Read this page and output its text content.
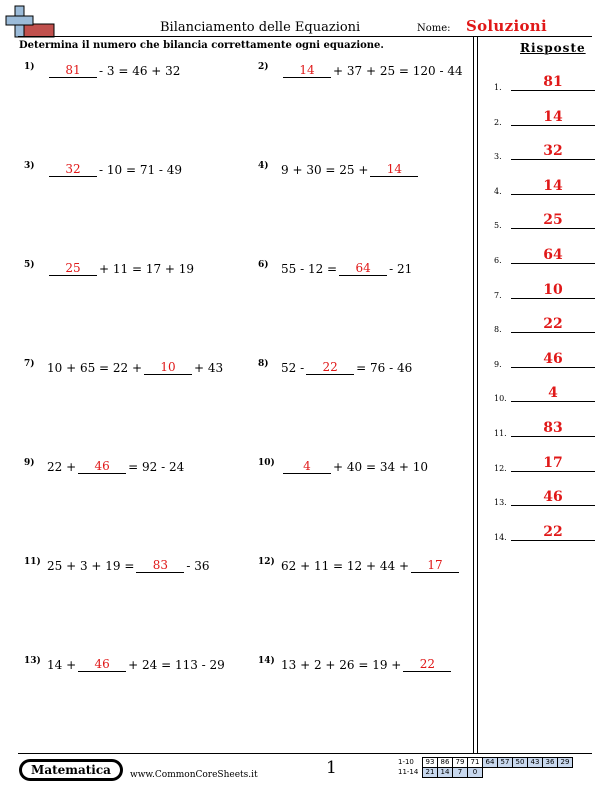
Bilanciamento delle Equazioni	Nome: Soluzioni
Determina il numero che bilancia correttamente ogni equazione.	Risposte
1.	81
2.	14
3.	32
4.	14
5.	25
6.	64
7.	10
8.	22
9.	46
10.	4
11.	83
12.	17
13.	46
14.	22
1)	81	- 3 = 46 + 32	2)	14	+ 37 + 25 = 120 - 44
3)	32	- 10 = 71 - 49	4) 9 + 30 = 25 +	14
5)	25	+ 11 = 17 + 19	6) 55 - 12 =	64	- 21
7) 10 + 65 = 22 +	10	+ 43	8) 52 -	22	= 76 - 46
9) 22 +	46	= 92 - 24	10)	4	+ 40 = 34 + 10
11) 25 + 3 + 19 =	83	- 36	12) 62 + 11 = 12 + 44 +	17
13) 14 +	46	+ 24 = 113 - 29	14) 13 + 2 + 26 = 19 +	22
Matematica	www.CommonCoreSheets.it	1	1-10	93	86	79	71	64	57	50	43	36	29
11-14	21	14	7	0						
